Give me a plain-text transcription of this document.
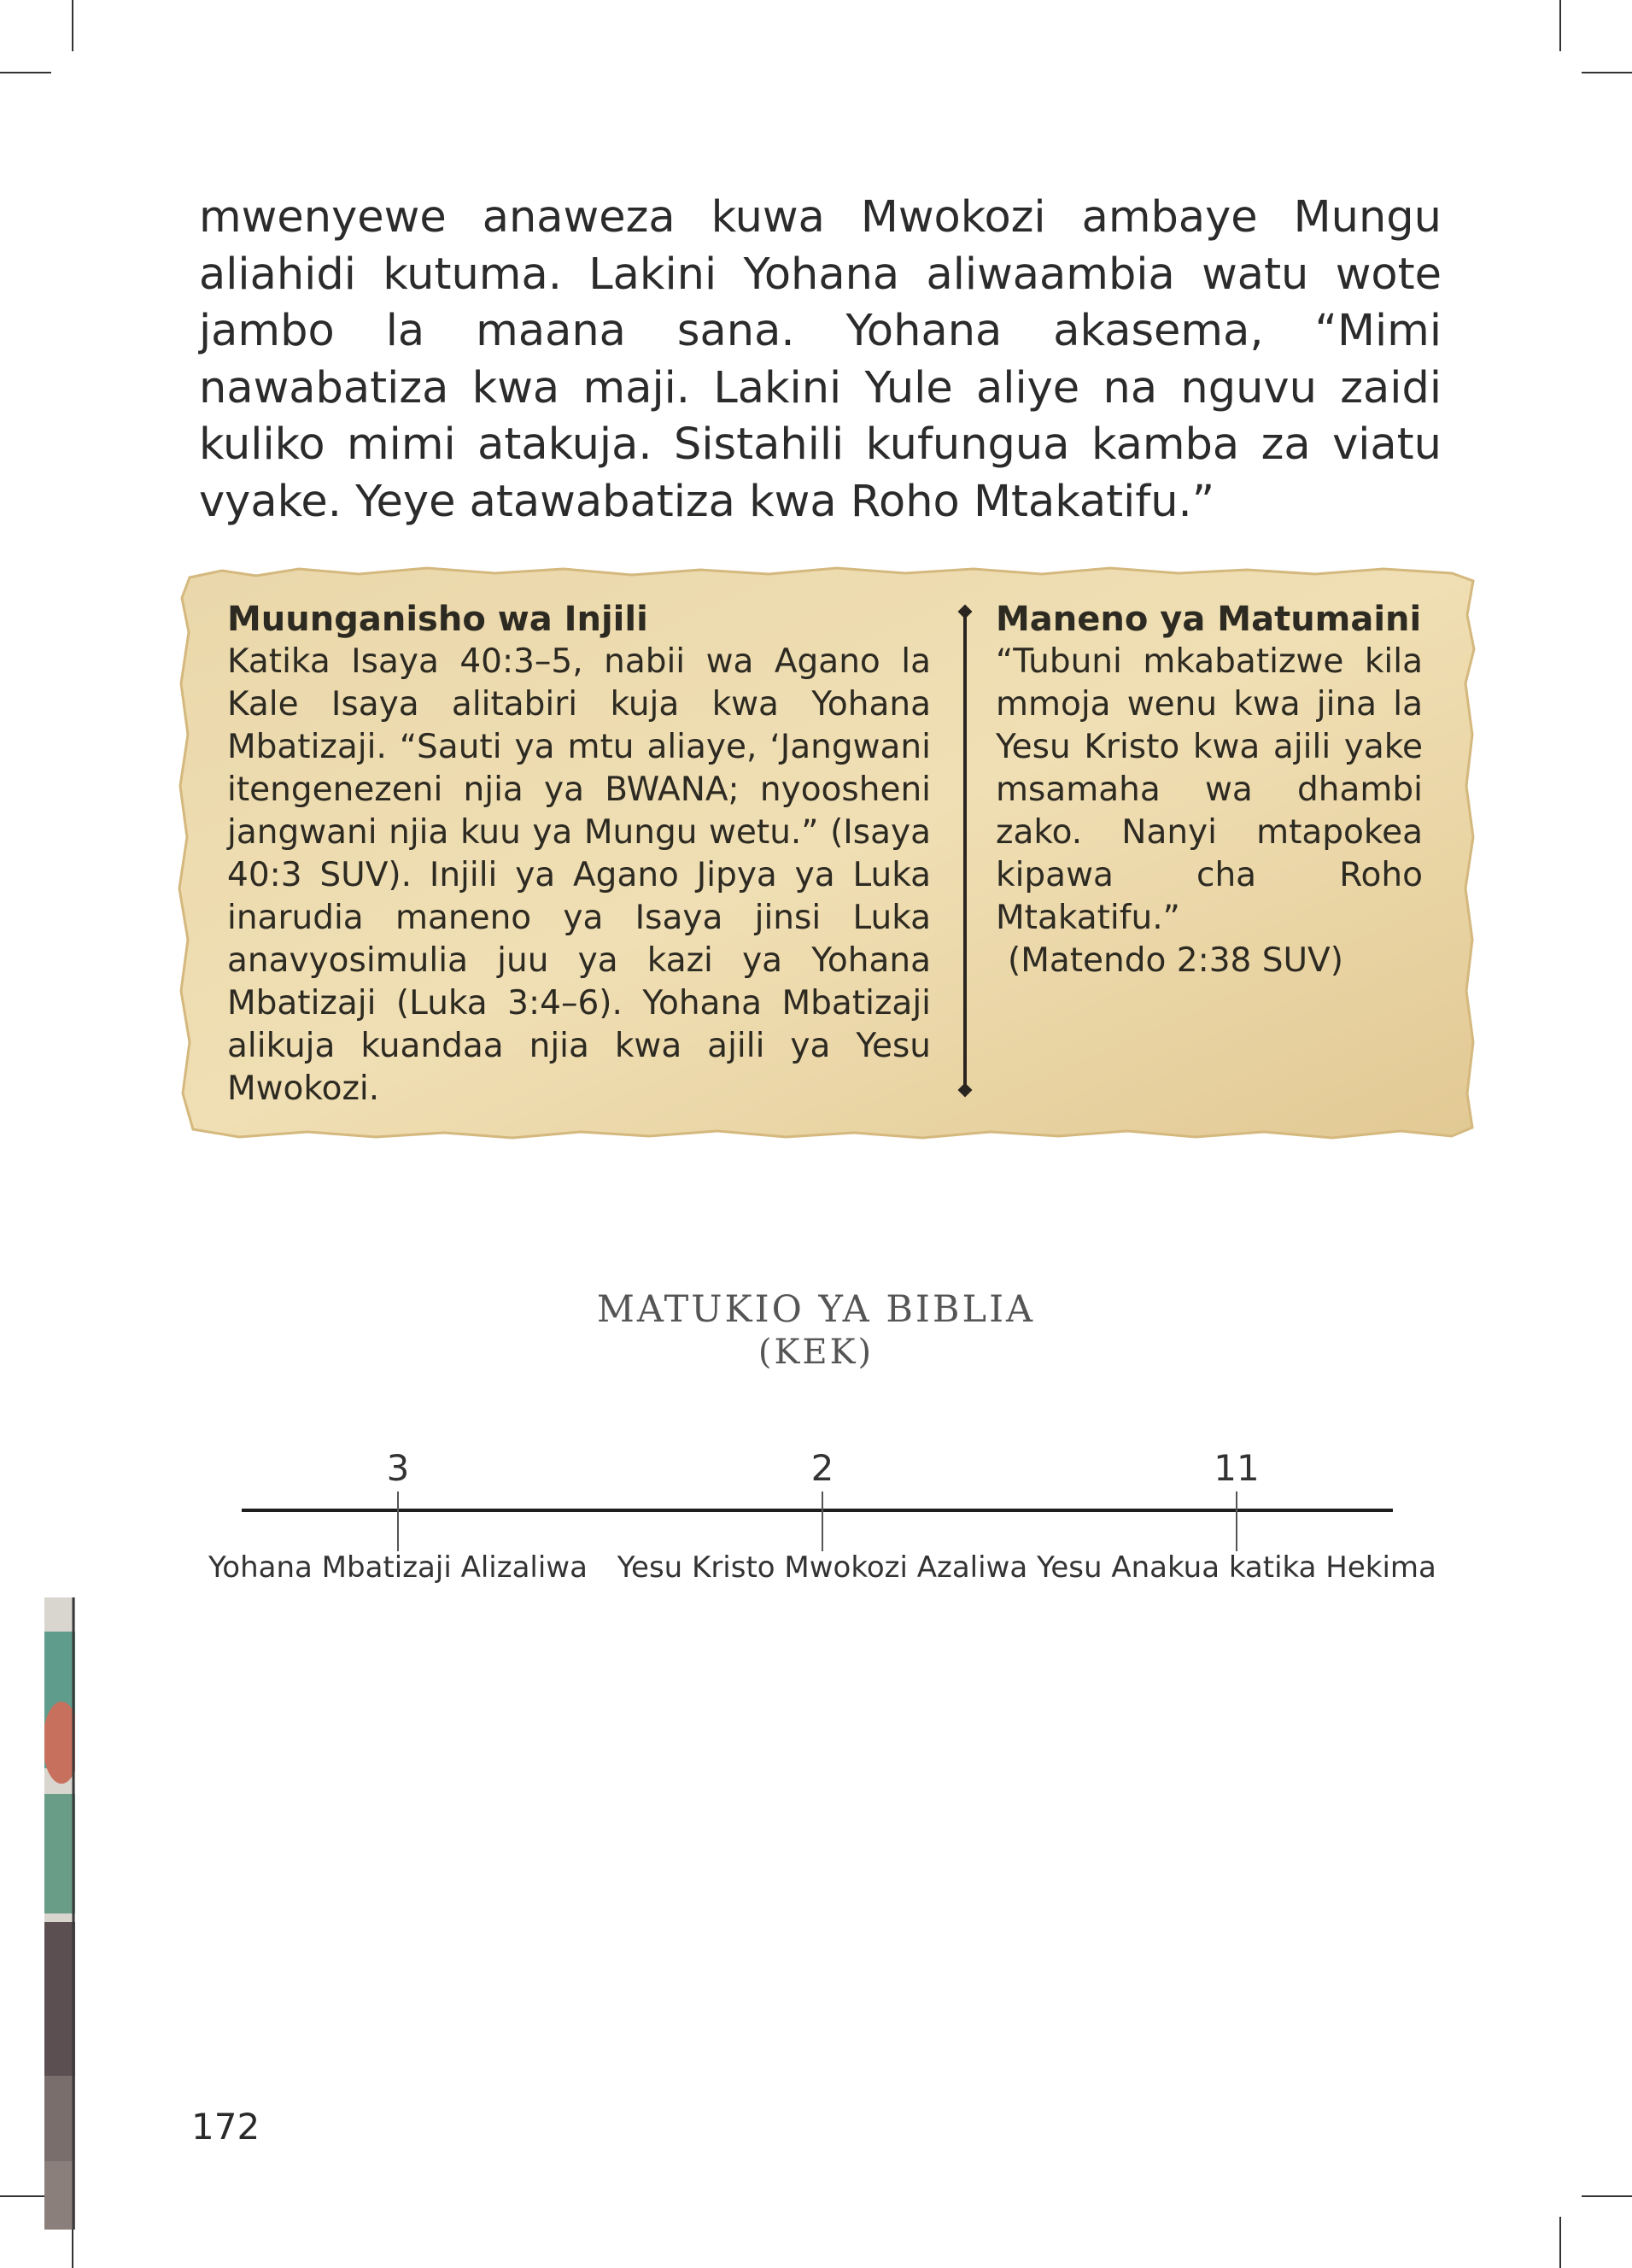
mwenyewe anaweza kuwa Mwokozi ambaye Mungu aliahidi kutuma. Lakini Yohana aliwaambia watu wote jambo la maana sana. Yohana akasema, “Mimi nawabatiza kwa maji. Lakini Yule aliye na nguvu zaidi kuliko mimi atakuja. Sistahili kufungua kamba za viatu vyake. Yeye atawabatiza kwa Roho Mtakatifu.”

Muunganisho wa Injili

Katika Isaya 40:3–5, nabii wa Agano la Kale Isaya alitabiri kuja kwa Yohana Mbatizaji. “Sauti ya mtu aliaye, ‘Jangwani itengenezeni njia ya BWANA; nyoosheni jangwani njia kuu ya Mungu wetu.” (Isaya 40:3 SUV). Injili ya Agano Jipya ya Luka inarudia maneno ya Isaya jinsi Luka anavyosimulia juu ya kazi ya Yohana Mbatizaji (Luka 3:4–6). Yohana Mbatizaji alikuja kuandaa njia kwa ajili ya Yesu Mwokozi.

Maneno ya Matumaini

“Tubuni mkabatizwe kila mmoja wenu kwa jina la Yesu Kristo kwa ajili yake msamaha wa dhambi zako. Nanyi mtapokea kipawa cha Roho Mtakatifu.”

(Matendo 2:38 SUV)

MATUKIO YA BIBLIA
(KEK)
3
Yohana Mbatizaji Alizaliwa
2
Yesu Kristo Mwokozi Azaliwa
11
Yesu Anakua katika Hekima
172
